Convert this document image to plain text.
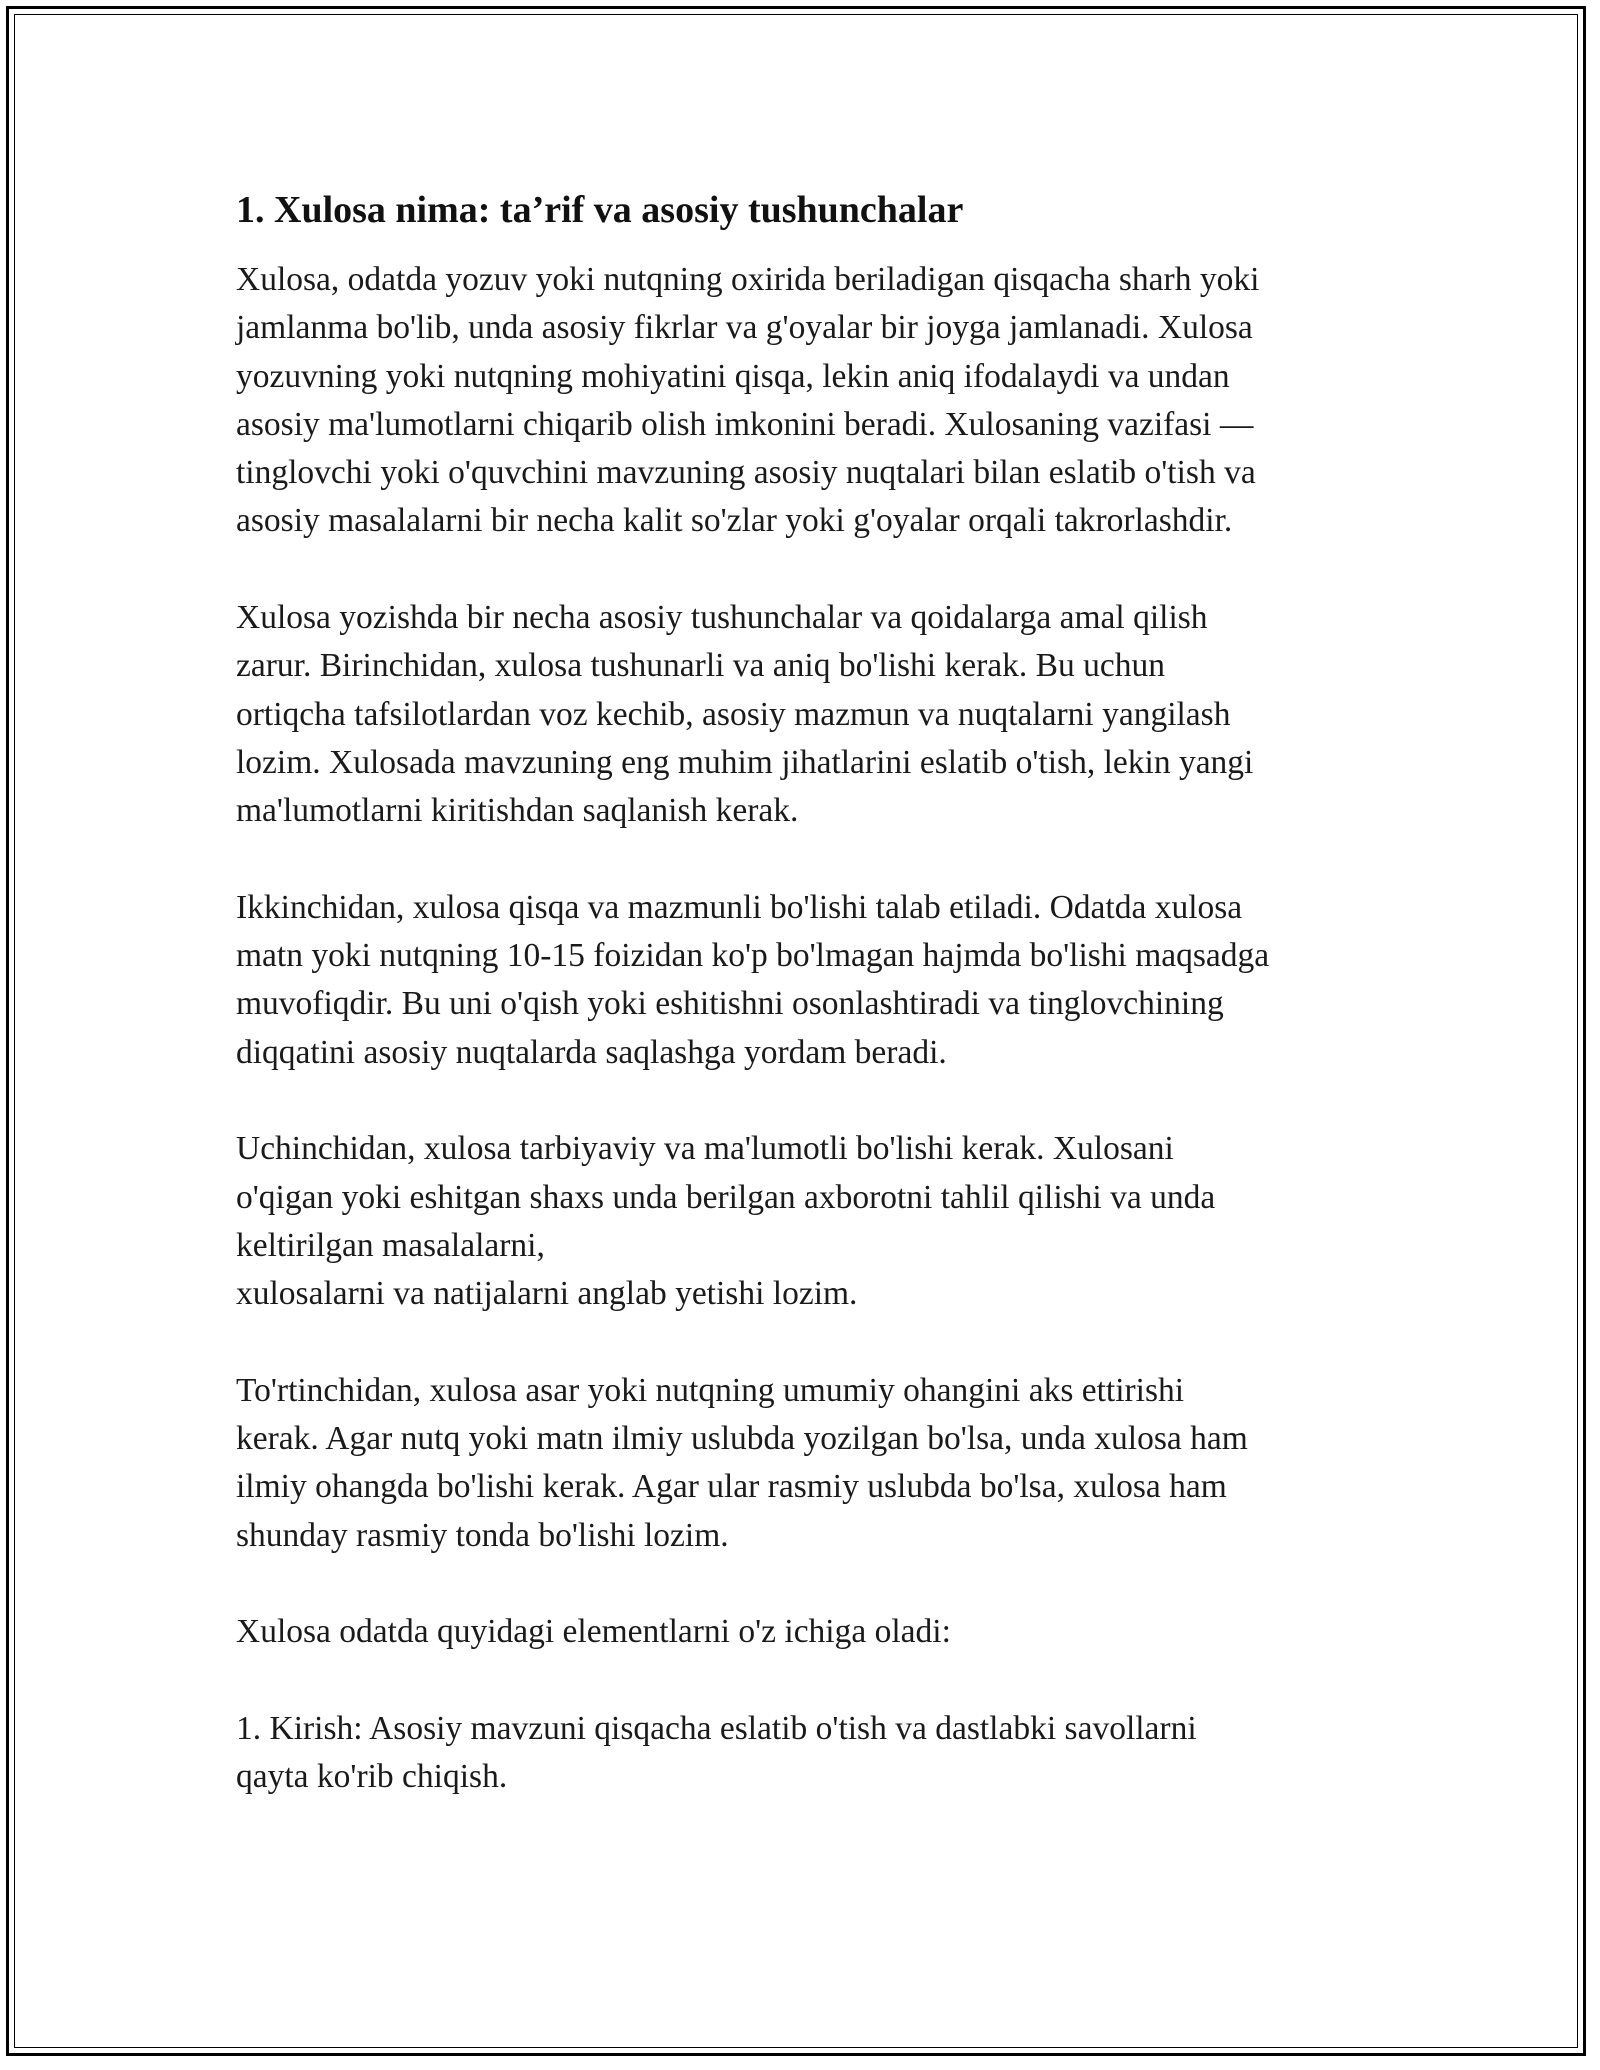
1. Xulosa nima: ta’rif va asosiy tushunchalar

Xulosa, odatda yozuv yoki nutqning oxirida beriladigan qisqacha sharh yoki
jamlanma bo'lib, unda asosiy fikrlar va g'oyalar bir joyga jamlanadi. Xulosa
yozuvning yoki nutqning mohiyatini qisqa, lekin aniq ifodalaydi va undan
asosiy ma'lumotlarni chiqarib olish imkonini beradi. Xulosaning vazifasi —
tinglovchi yoki o'quvchini mavzuning asosiy nuqtalari bilan eslatib o'tish va
asosiy masalalarni bir necha kalit so'zlar yoki g'oyalar orqali takrorlashdir.

Xulosa yozishda bir necha asosiy tushunchalar va qoidalarga amal qilish
zarur. Birinchidan, xulosa tushunarli va aniq bo'lishi kerak. Bu uchun
ortiqcha tafsilotlardan voz kechib, asosiy mazmun va nuqtalarni yangilash
lozim. Xulosada mavzuning eng muhim jihatlarini eslatib o'tish, lekin yangi
ma'lumotlarni kiritishdan saqlanish kerak.

Ikkinchidan, xulosa qisqa va mazmunli bo'lishi talab etiladi. Odatda xulosa
matn yoki nutqning 10-15 foizidan ko'p bo'lmagan hajmda bo'lishi maqsadga
muvofiqdir. Bu uni o'qish yoki eshitishni osonlashtiradi va tinglovchining
diqqatini asosiy nuqtalarda saqlashga yordam beradi.

Uchinchidan, xulosa tarbiyaviy va ma'lumotli bo'lishi kerak. Xulosani
o'qigan yoki eshitgan shaxs unda berilgan axborotni tahlil qilishi va unda
keltirilgan masalalarni,
xulosalarni va natijalarni anglab yetishi lozim.

To'rtinchidan, xulosa asar yoki nutqning umumiy ohangini aks ettirishi
kerak. Agar nutq yoki matn ilmiy uslubda yozilgan bo'lsa, unda xulosa ham
ilmiy ohangda bo'lishi kerak. Agar ular rasmiy uslubda bo'lsa, xulosa ham
shunday rasmiy tonda bo'lishi lozim.

Xulosa odatda quyidagi elementlarni o'z ichiga oladi:

1. Kirish: Asosiy mavzuni qisqacha eslatib o'tish va dastlabki savollarni
qayta ko'rib chiqish.
